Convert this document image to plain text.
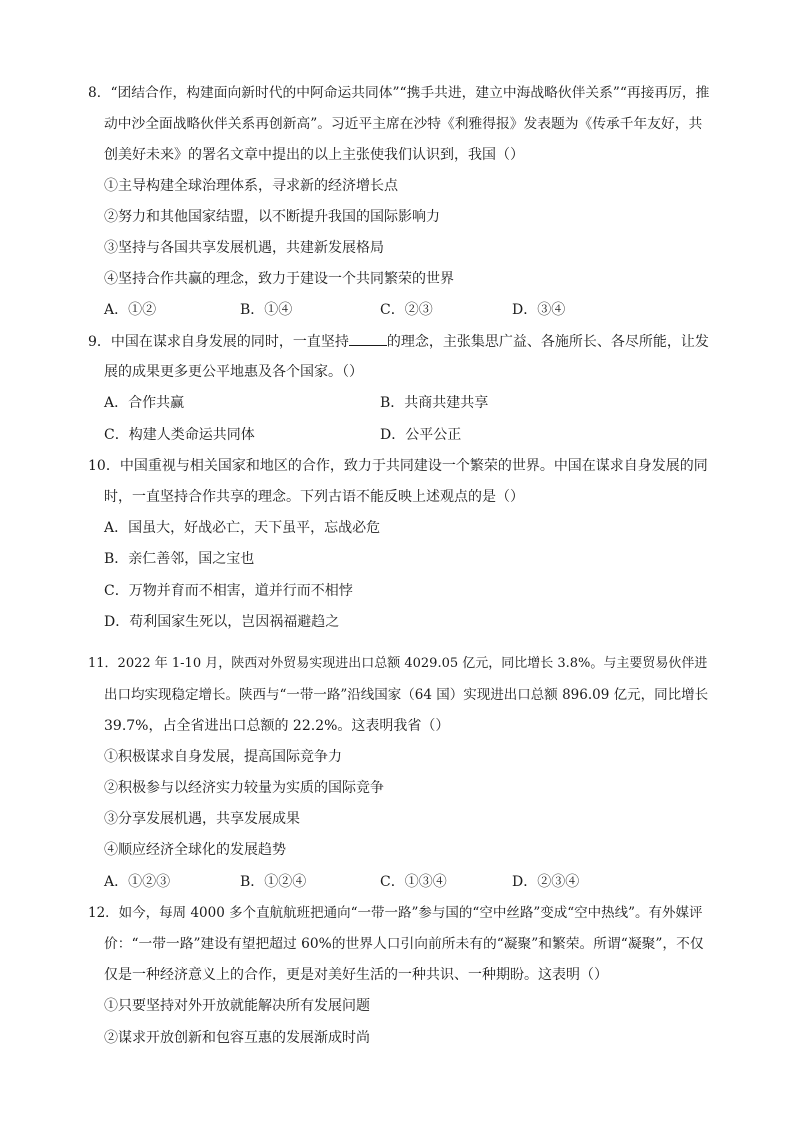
8．“团结合作，构建面向新时代的中阿命运共同体”“携手共进，建立中海战略伙伴关系”“再接再厉，推
动中沙全面战略伙伴关系再创新高”。习近平主席在沙特《利雅得报》发表题为《传承千年友好，共
创美好未来》的署名文章中提出的以上主张使我们认识到，我国（）
①主导构建全球治理体系，寻求新的经济增长点
②努力和其他国家结盟，以不断提升我国的国际影响力
③坚持与各国共享发展机遇，共建新发展格局
④坚持合作共赢的理念，致力于建设一个共同繁荣的世界
A．①②	B．①④	C．②③	D．③④
9．中国在谋求自身发展的同时，一直坚持	的理念，主张集思广益、各施所长、各尽所能，让发
展的成果更多更公平地惠及各个国家。（）
A．合作共赢	B．共商共建共享
C．构建人类命运共同体	D．公平公正
10．中国重视与相关国家和地区的合作，致力于共同建设一个繁荣的世界。中国在谋求自身发展的同
时，一直坚持合作共享的理念。下列古语不能反映上述观点的是（）
A．国虽大，好战必亡，天下虽平，忘战必危
B．亲仁善邻，国之宝也
C．万物并育而不相害，道并行而不相悖
D．苟利国家生死以，岂因祸福避趋之
11．2022 年 1-10 月，陕西对外贸易实现进出口总额 4029.05 亿元，同比增长 3.8%。与主要贸易伙伴进
出口均实现稳定增长。陕西与“一带一路”沿线国家（64 国）实现进出口总额 896.09 亿元，同比增长
39.7%，占全省进出口总额的 22.2%。这表明我省（）
①积极谋求自身发展，提高国际竞争力
②积极参与以经济实力较量为实质的国际竞争
③分享发展机遇，共享发展成果
④顺应经济全球化的发展趋势
A．①②③	B．①②④	C．①③④	D．②③④
12．如今，每周 4000 多个直航航班把通向“一带一路”参与国的“空中丝路”变成“空中热线”。有外媒评
价：“一带一路”建设有望把超过 60%的世界人口引向前所未有的“凝聚”和繁荣。所谓“凝聚”，不仅
仅是一种经济意义上的合作，更是对美好生活的一种共识、一种期盼。这表明（）
①只要坚持对外开放就能解决所有发展问题
②谋求开放创新和包容互惠的发展渐成时尚
